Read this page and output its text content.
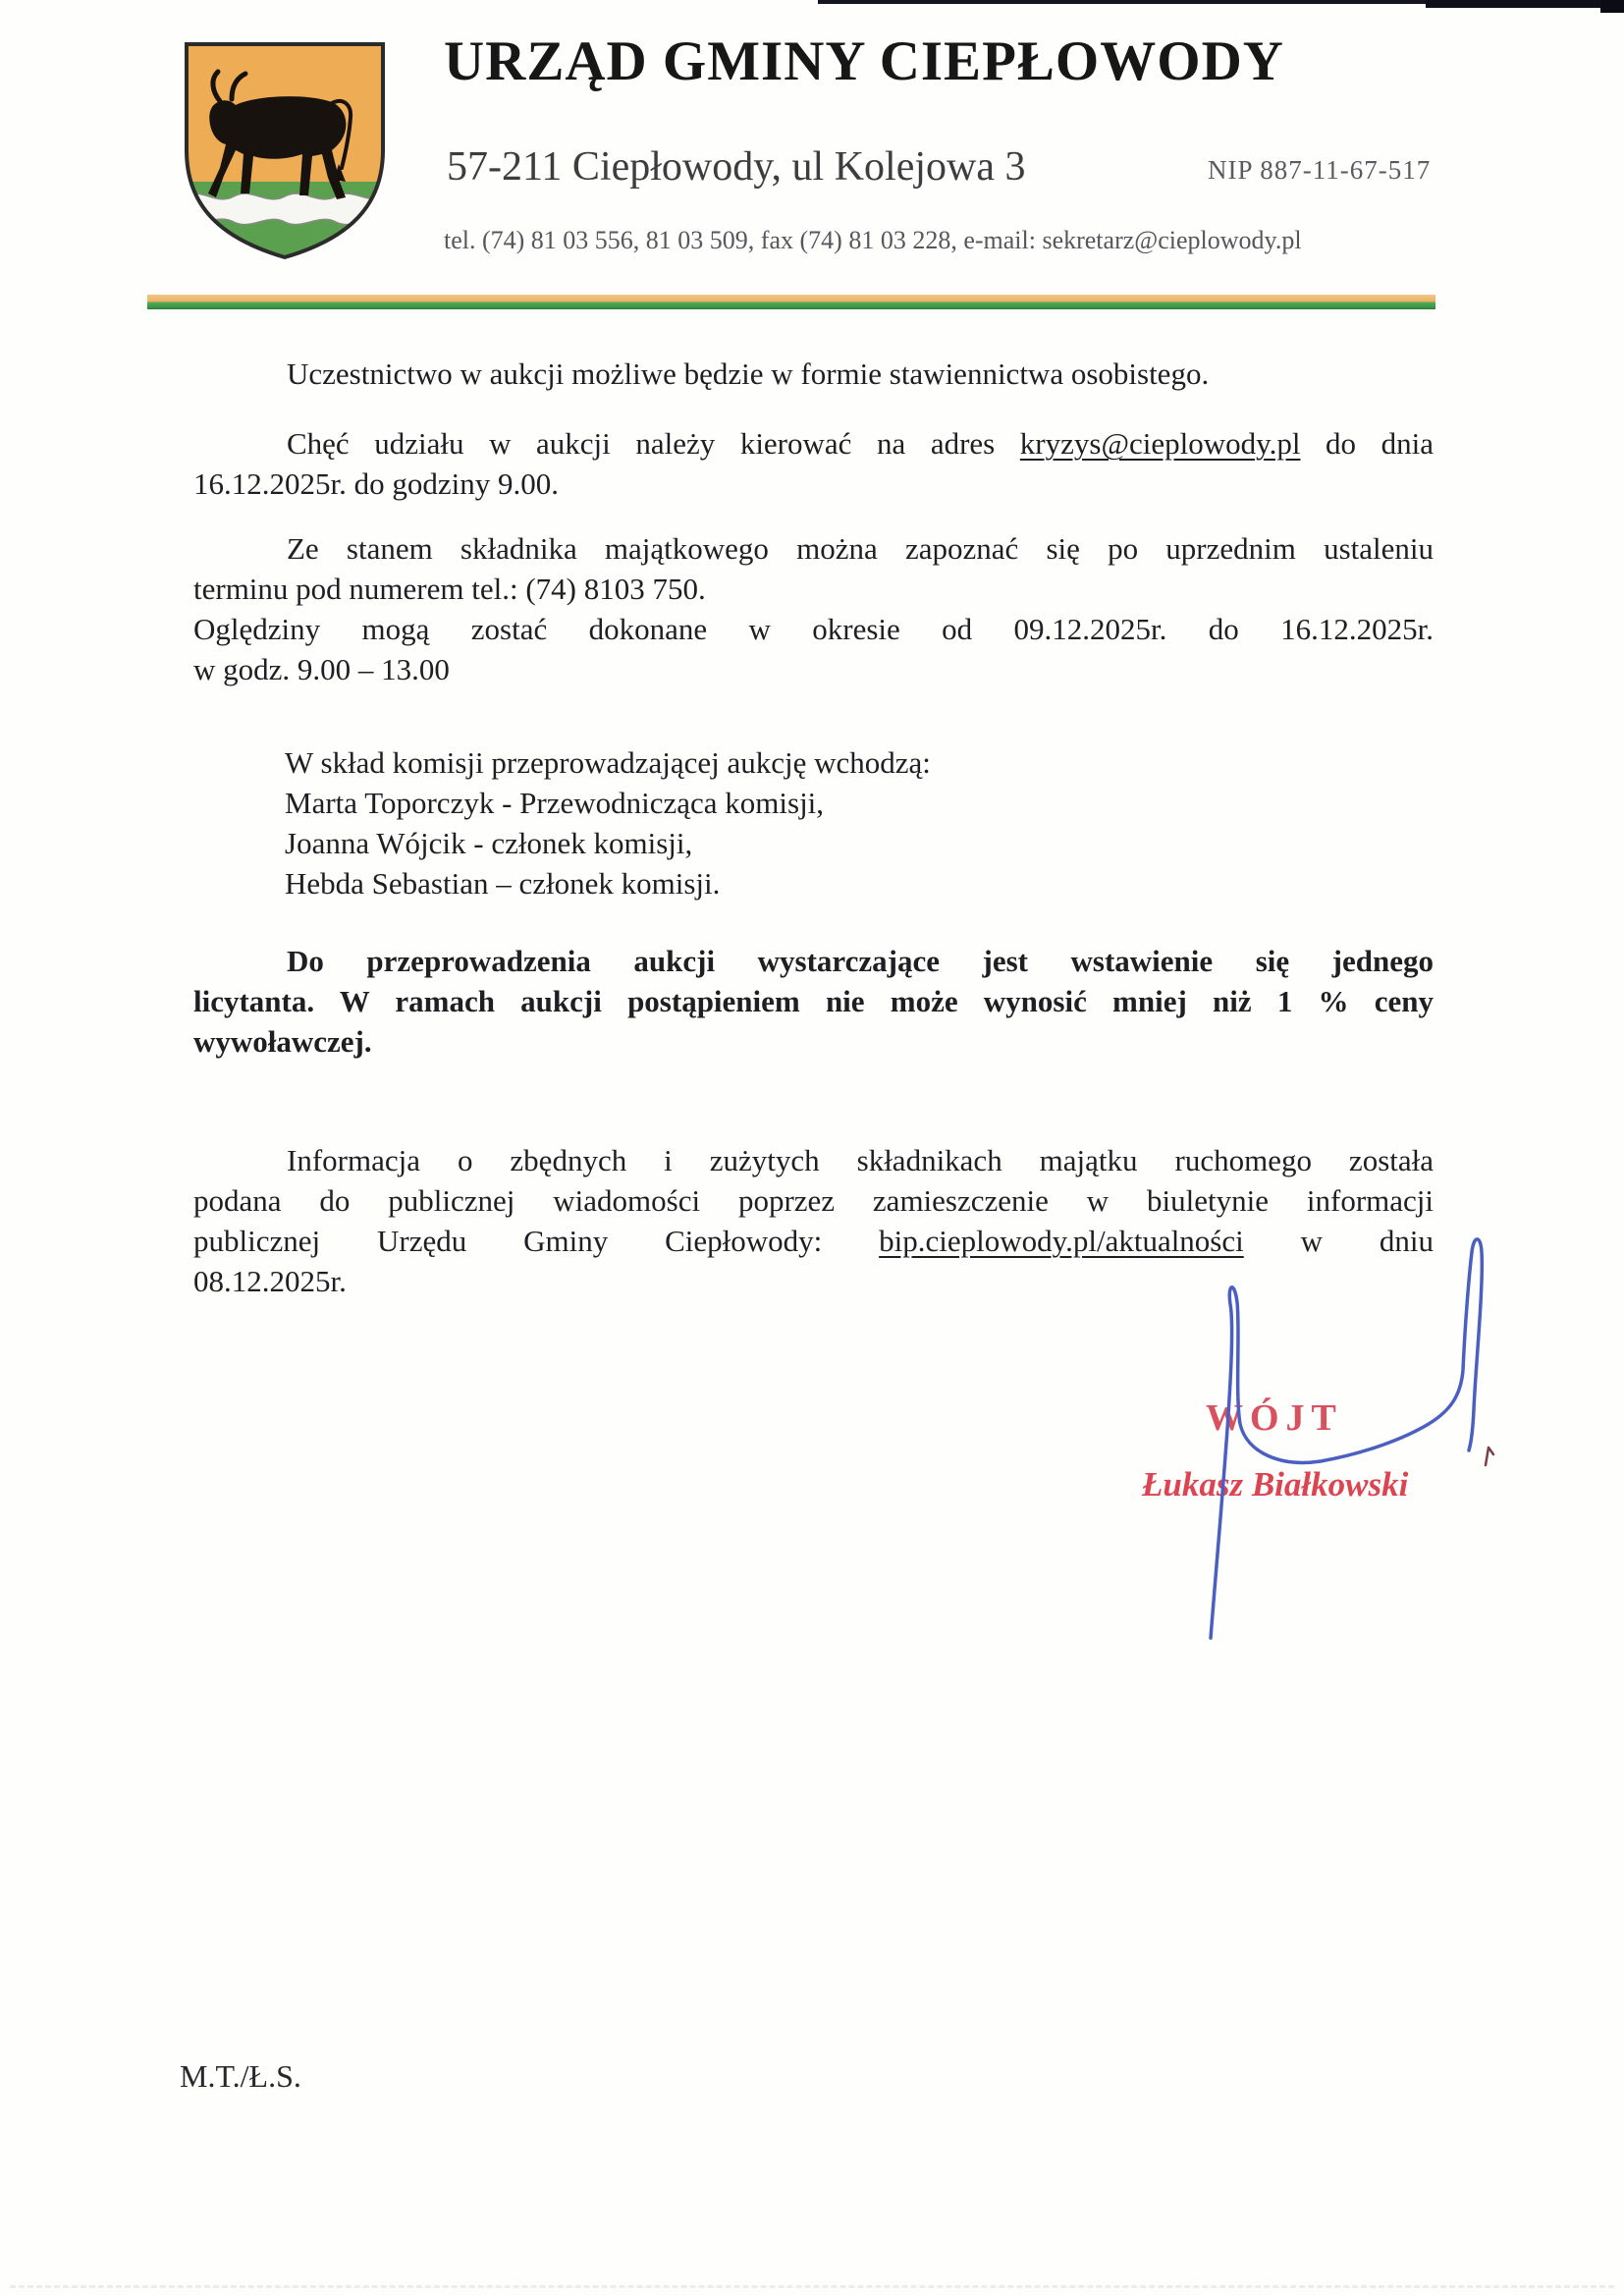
URZĄD GMINY CIEPŁOWODY
57-211 Ciepłowody, ul Kolejowa 3	NIP 887-11-67-517
tel. (74) 81 03 556, 81 03 509, fax (74) 81 03 228, e-mail: sekretarz@cieplowody.pl
Uczestnictwo w aukcji możliwe będzie w formie stawiennictwa osobistego.
Chęć udziału w aukcji należy kierować na adres kryzys@cieplowody.pl do dnia
16.12.2025r. do godziny 9.00.
Ze stanem składnika majątkowego można zapoznać się po uprzednim ustaleniu
terminu pod numerem tel.: (74) 8103 750.
Oględziny mogą zostać dokonane w okresie od 09.12.2025r. do 16.12.2025r.
w godz. 9.00 – 13.00
W skład komisji przeprowadzającej aukcję wchodzą:
Marta Toporczyk - Przewodnicząca komisji,
Joanna Wójcik - członek komisji,
Hebda Sebastian – członek komisji.
Do przeprowadzenia aukcji wystarczające jest wstawienie się jednego
licytanta. W ramach aukcji postąpieniem nie może wynosić mniej niż 1 % ceny
wywoławczej.
Informacja o zbędnych i zużytych składnikach majątku ruchomego została
podana do publicznej wiadomości poprzez zamieszczenie w biuletynie informacji
publicznej Urzędu Gminy Ciepłowody: bip.cieplowody.pl/aktualności w dniu
08.12.2025r.
WÓJT
Łukasz Białkowski
M.T./Ł.S.
